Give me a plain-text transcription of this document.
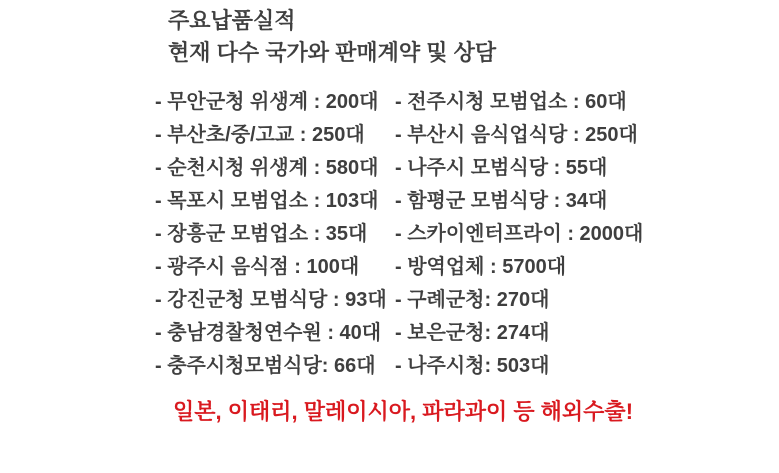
주요납품실적
현재 다수 국가와 판매계약 및 상담
- 무안군청 위생계 : 200대
- 부산초/중/고교 : 250대
- 순천시청 위생계 : 580대
- 목포시 모범업소 : 103대
- 장흥군 모범업소 : 35대
- 광주시 음식점 : 100대
- 강진군청 모범식당 : 93대
- 충남경찰청연수원 : 40대
- 충주시청모범식당: 66대
- 전주시청 모범업소 : 60대
- 부산시 음식업식당 : 250대
- 나주시 모범식당 : 55대
- 함평군 모범식당 : 34대
- 스카이엔터프라이 : 2000대
- 방역업체 : 5700대
- 구례군청: 270대
- 보은군청: 274대
- 나주시청: 503대
일본, 이태리, 말레이시아, 파라과이 등 해외수출!
